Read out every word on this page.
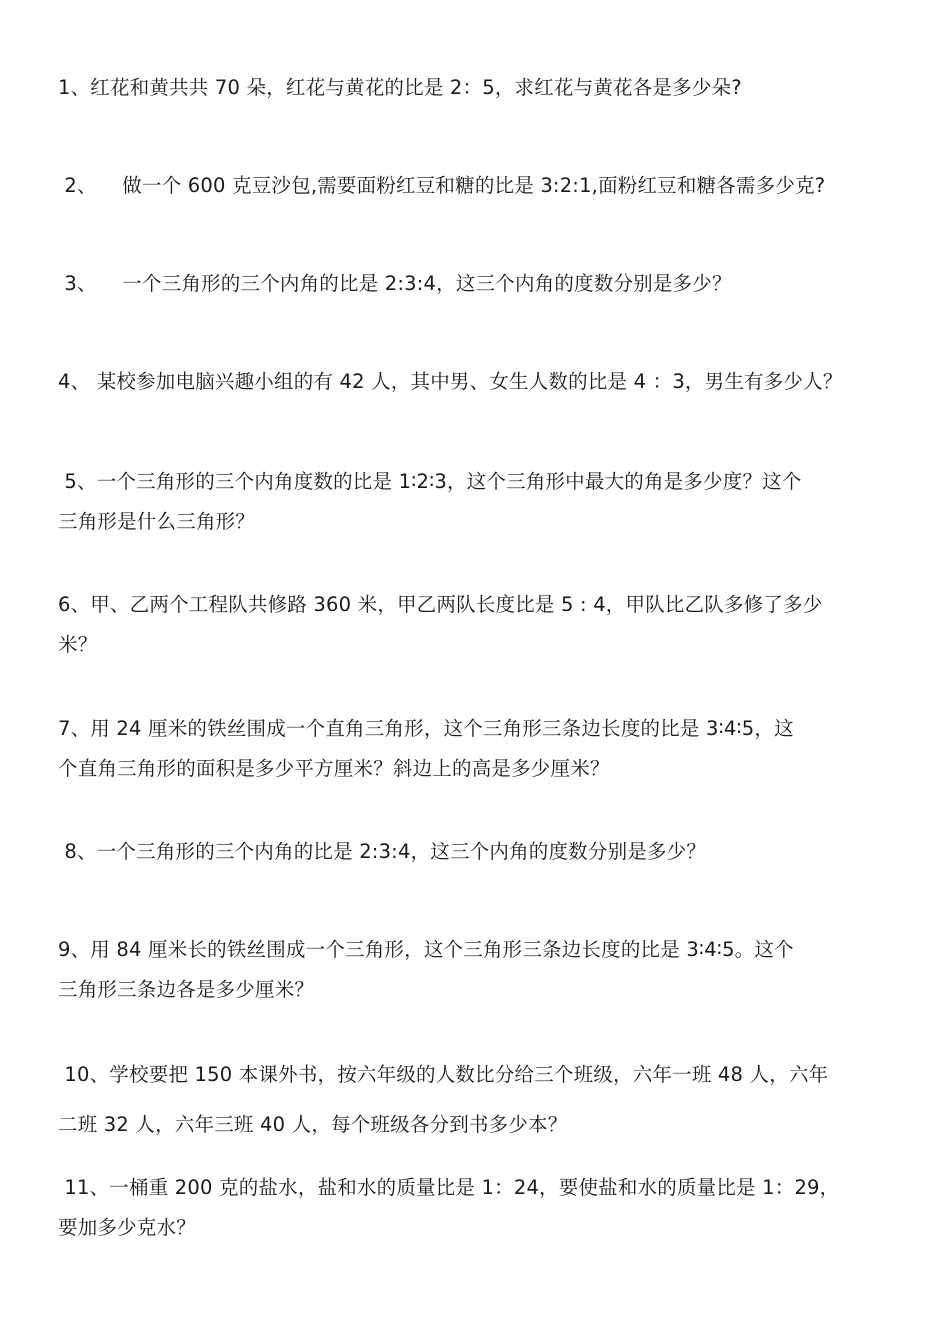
1、红花和黄共共 70 朵，红花与黄花的比是 2：5，求红花与黄花各是多少朵?
2、    做一个 600 克豆沙包,需要面粉红豆和糖的比是 3:2:1,面粉红豆和糖各需多少克?
3、    一个三角形的三个内角的比是 2:3:4，这三个内角的度数分别是多少？
4、 某校参加电脑兴趣小组的有 42 人，其中男、女生人数的比是 4 ：3，男生有多少人？
5、一个三角形的三个内角度数的比是 1∶2∶3，这个三角形中最大的角是多少度？这个
三角形是什么三角形？
6、甲、乙两个工程队共修路 360 米，甲乙两队长度比是 5 : 4，甲队比乙队多修了多少
米？
7、用 24 厘米的铁丝围成一个直角三角形，这个三角形三条边长度的比是 3∶4∶5，这
个直角三角形的面积是多少平方厘米？斜边上的高是多少厘米？
8、一个三角形的三个内角的比是 2:3:4，这三个内角的度数分别是多少？
9、用 84 厘米长的铁丝围成一个三角形，这个三角形三条边长度的比是 3∶4∶5。这个
三角形三条边各是多少厘米？
10、学校要把 150 本课外书，按六年级的人数比分给三个班级，六年一班 48 人，六年
二班 32 人，六年三班 40 人，每个班级各分到书多少本？
11、一桶重 200 克的盐水，盐和水的质量比是 1：24，要使盐和水的质量比是 1：29，
要加多少克水？
